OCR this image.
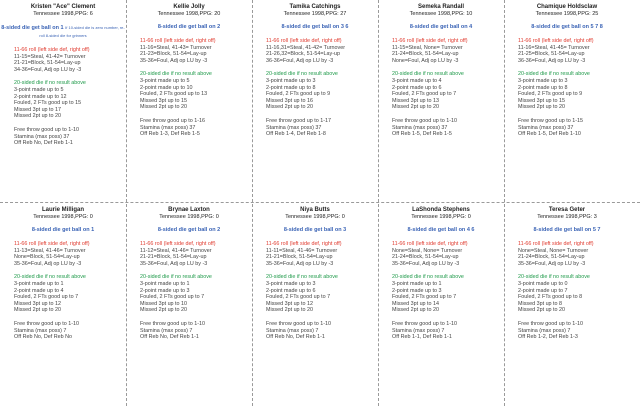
Kristen "Ace" Clement
Tennessee 1998,PPG: 6
8-sided die get ball on 1 If 10-sided die is zero number, re-roll 8-sided die for grinners
11-66 roll (left side def, right off)
11-15=Steal, 41-42= Turnover
21-21=Block, 51-54=Lay-up
34-36=Foul, Adj op LU by -3
20-sided die if no result above
3-point made up to 5
2-point made up to 12
Fouled, 2 FTs good up to 15
Missed 3pt up to 17
Missed 2pt up to 20
Free throw good up to 1-10
Stamina (max poss) 37
Off Reb No, Def Reb 1-1
Kellie Jolly
Tennessee 1998,PPG: 20
8-sided die get ball on 2
11-66 roll (left side def, right off)
11-16=Steal, 41-43= Turnover
21-23=Block, 51-54=Lay-up
35-36=Foul, Adj op LU by -3
20-sided die if no result above
3-point made up to 5
2-point made up to 10
Fouled, 2 FTs good up to 13
Missed 3pt up to 15
Missed 2pt up to 20
Free throw good up to 1-16
Stamina (max poss) 37
Off Reb 1-3, Def Reb 1-5
Tamika Catchings
Tennessee 1998,PPG: 27
8-sided die get ball on 3 6
11-66 roll (left side def, right off)
11-16,31=Steal, 41-42= Turnover
21-26,32=Block, 51-54=Lay-up
36-36=Foul, Adj op LU by -3
20-sided die if no result above
3-point made up to 3
2-point made up to 8
Fouled, 2 FTs good up to 9
Missed 3pt up to 16
Missed 2pt up to 20
Free throw good up to 1-17
Stamina (max poss) 37
Off Reb 1-4, Def Reb 1-8
Semeka Randall
Tennessee 1998,PPG: 10
8-sided die get ball on 4
11-66 roll (left side def, right off)
11-15=Steal, None= Turnover
21-24=Block, 51-54=Lay-up
None=Foul, Adj op LU by -3
20-sided die if no result above
3-point made up to 4
2-point made up to 6
Fouled, 2 FTs good up to 7
Missed 3pt up to 13
Missed 2pt up to 20
Free throw good up to 1-10
Stamina (max poss) 37
Off Reb 1-5, Def Reb 1-5
Chamique Holdsclaw
Tennessee 1998,PPG: 25
8-sided die get ball on 5 7 8
11-66 roll (left side def, right off)
11-16=Steal, 41-45= Turnover
21-25=Block, 51-54=Lay-up
36-36=Foul, Adj op LU by -3
20-sided die if no result above
3-point made up to 3
2-point made up to 8
Fouled, 2 FTs good up to 9
Missed 3pt up to 15
Missed 2pt up to 20
Free throw good up to 1-15
Stamina (max poss) 37
Off Reb 1-5, Def Reb 1-10
Laurie Milligan
Tennessee 1998,PPG: 0
8-sided die get ball on 1
11-66 roll (left side def, right off)
11-13=Steal, 41-46= Turnover
None=Block, 51-54=Lay-up
35-36=Foul, Adj op LU by -3
20-sided die if no result above
3-point made up to 1
2-point made up to 4
Fouled, 2 FTs good up to 7
Missed 3pt up to 12
Missed 2pt up to 20
Free throw good up to 1-10
Stamina (max poss) 7
Off Reb No, Def Reb No
Brynae Laxton
Tennessee 1998,PPG: 0
8-sided die get ball on 2
11-66 roll (left side def, right off)
11-12=Steal, 41-46= Turnover
21-21=Block, 51-54=Lay-up
35-36=Foul, Adj op LU by -3
20-sided die if no result above
3-point made up to 1
2-point made up to 3
Fouled, 2 FTs good up to 7
Missed 3pt up to 10
Missed 2pt up to 20
Free throw good up to 1-10
Stamina (max poss) 7
Off Reb No, Def Reb 1-1
Niya Butts
Tennessee 1998,PPG: 0
8-sided die get ball on 3
11-66 roll (left side def, right off)
11-11=Steal, 41-46= Turnover
21-21=Block, 51-54=Lay-up
35-36=Foul, Adj op LU by -3
20-sided die if no result above
3-point made up to 3
2-point made up to 6
Fouled, 2 FTs good up to 7
Missed 3pt up to 12
Missed 2pt up to 20
Free throw good up to 1-10
Stamina (max poss) 7
Off Reb No, Def Reb 1-1
LaShonda Stephens
Tennessee 1998,PPG: 0
8-sided die get ball on 4 6
11-66 roll (left side def, right off)
None=Steal, None= Turnover
21-24=Block, 51-54=Lay-up
35-36=Foul, Adj op LU by -3
20-sided die if no result above
3-point made up to 1
2-point made up to 3
Fouled, 2 FTs good up to 7
Missed 3pt up to 14
Missed 2pt up to 20
Free throw good up to 1-10
Stamina (max poss) 7
Off Reb 1-1, Def Reb 1-1
Teresa Geter
Tennessee 1998,PPG: 3
8-sided die get ball on 5 7
11-66 roll (left side def, right off)
None=Steal, None= Turnover
21-24=Block, 51-54=Lay-up
35-36=Foul, Adj op LU by -3
20-sided die if no result above
3-point made up to 0
2-point made up to 7
Fouled, 2 FTs good up to 8
Missed 3pt up to 8
Missed 2pt up to 20
Free throw good up to 1-10
Stamina (max poss) 7
Off Reb 1-2, Def Reb 1-3
